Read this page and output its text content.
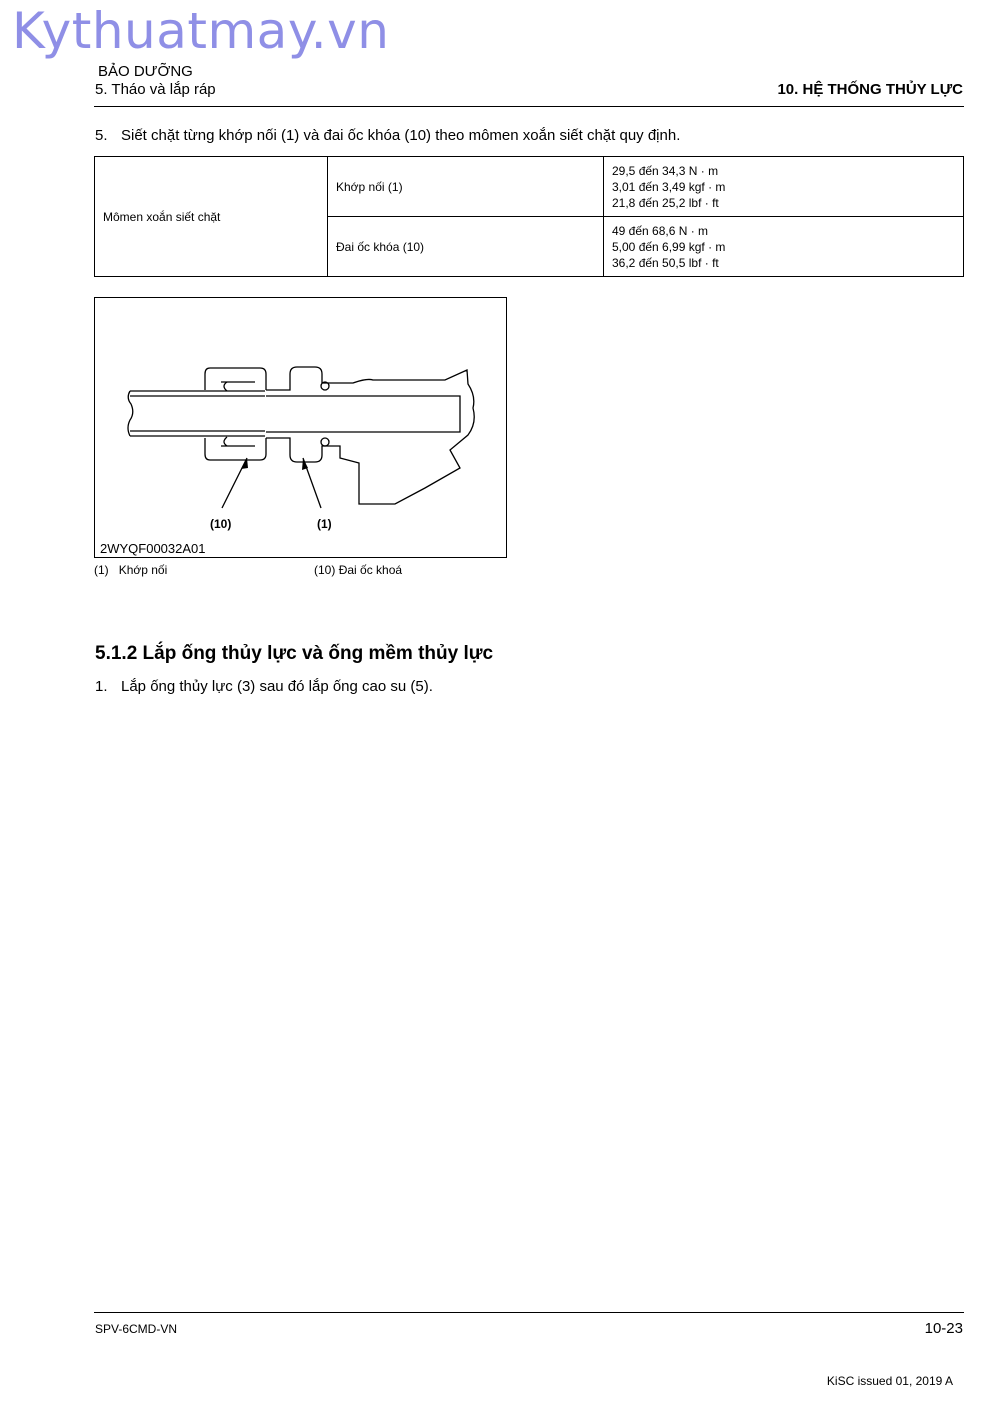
Kythuatmay.vn
BẢO DƯỠNG
5. Tháo và lắp ráp	10. HỆ THỐNG THỦY LỰC
5. Siết chặt từng khớp nối (1) và đai ốc khóa (10) theo mômen xoắn siết chặt quy định.
Mômen xoắn siết chặt	Khớp nối (1)	29,5 đến 34,3 N · m
3,01 đến 3,49 kgf · m
21,8 đến 25,2 lbf · ft

	Đai ốc khóa (10)	49 đến 68,6 N · m
5,00 đến 6,99 kgf · m
36,2 đến 50,5 lbf · ft
(10)	(1)
2WYQF00032A01
(1) Khớp nối	(10) Đai ốc khoá
5.1.2 Lắp ống thủy lực và ống mềm thủy lực
1. Lắp ống thủy lực (3) sau đó lắp ống cao su (5).
SPV-6CMD-VN	10-23
KiSC issued 01, 2019 A
